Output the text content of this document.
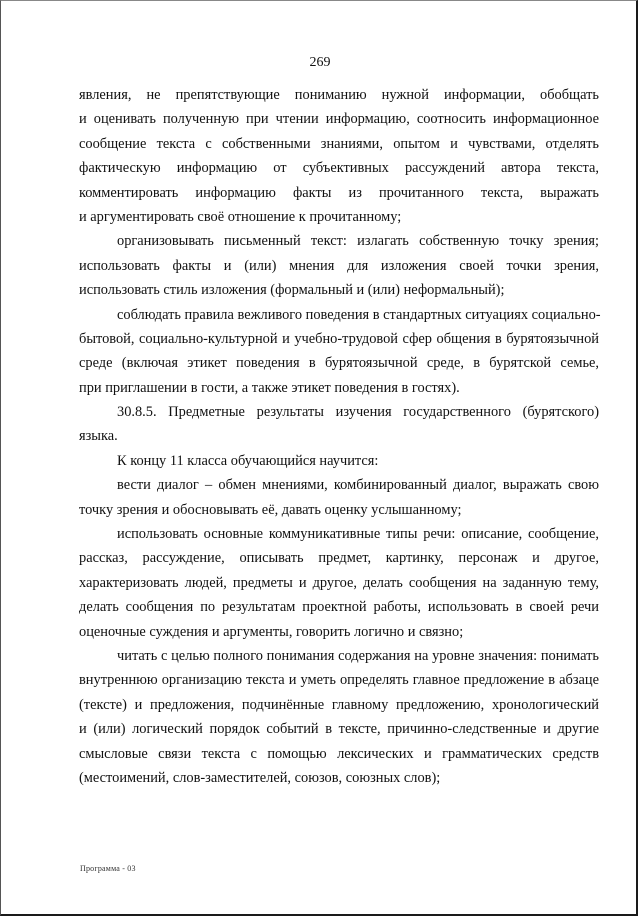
269
явления, не препятствующие пониманию нужной информации, обобщать
и оценивать полученную при чтении информацию, соотносить информационное
сообщение текста с собственными знаниями, опытом и чувствами, отделять
фактическую информацию от субъективных рассуждений автора текста,
комментировать информацию факты из прочитанного текста, выражать
и аргументировать своё отношение к прочитанному;
организовывать письменный текст: излагать собственную точку зрения;
использовать факты и (или) мнения для изложения своей точки зрения,
использовать стиль изложения (формальный и (или) неформальный);
соблюдать правила вежливого поведения в стандартных ситуациях социально-
бытовой, социально-культурной и учебно-трудовой сфер общения в бурятоязычной
среде (включая этикет поведения в бурятоязычной среде, в бурятской семье,
при приглашении в гости, а также этикет поведения в гостях).
30.8.5. Предметные результаты изучения государственного (бурятского)
языка.
К концу 11 класса обучающийся научится:
вести диалог – обмен мнениями, комбинированный диалог, выражать свою
точку зрения и обосновывать её, давать оценку услышанному;
использовать основные коммуникативные типы речи: описание, сообщение,
рассказ, рассуждение, описывать предмет, картинку, персонаж и другое,
характеризовать людей, предметы и другое, делать сообщения на заданную тему,
делать сообщения по результатам проектной работы, использовать в своей речи
оценочные суждения и аргументы, говорить логично и связно;
читать с целью полного понимания содержания на уровне значения: понимать
внутреннюю организацию текста и уметь определять главное предложение в абзаце
(тексте) и предложения, подчинённые главному предложению, хронологический
и (или) логический порядок событий в тексте, причинно-следственные и другие
смысловые связи текста с помощью лексических и грамматических средств
(местоимений, слов-заместителей, союзов, союзных слов);
Программа - 03
